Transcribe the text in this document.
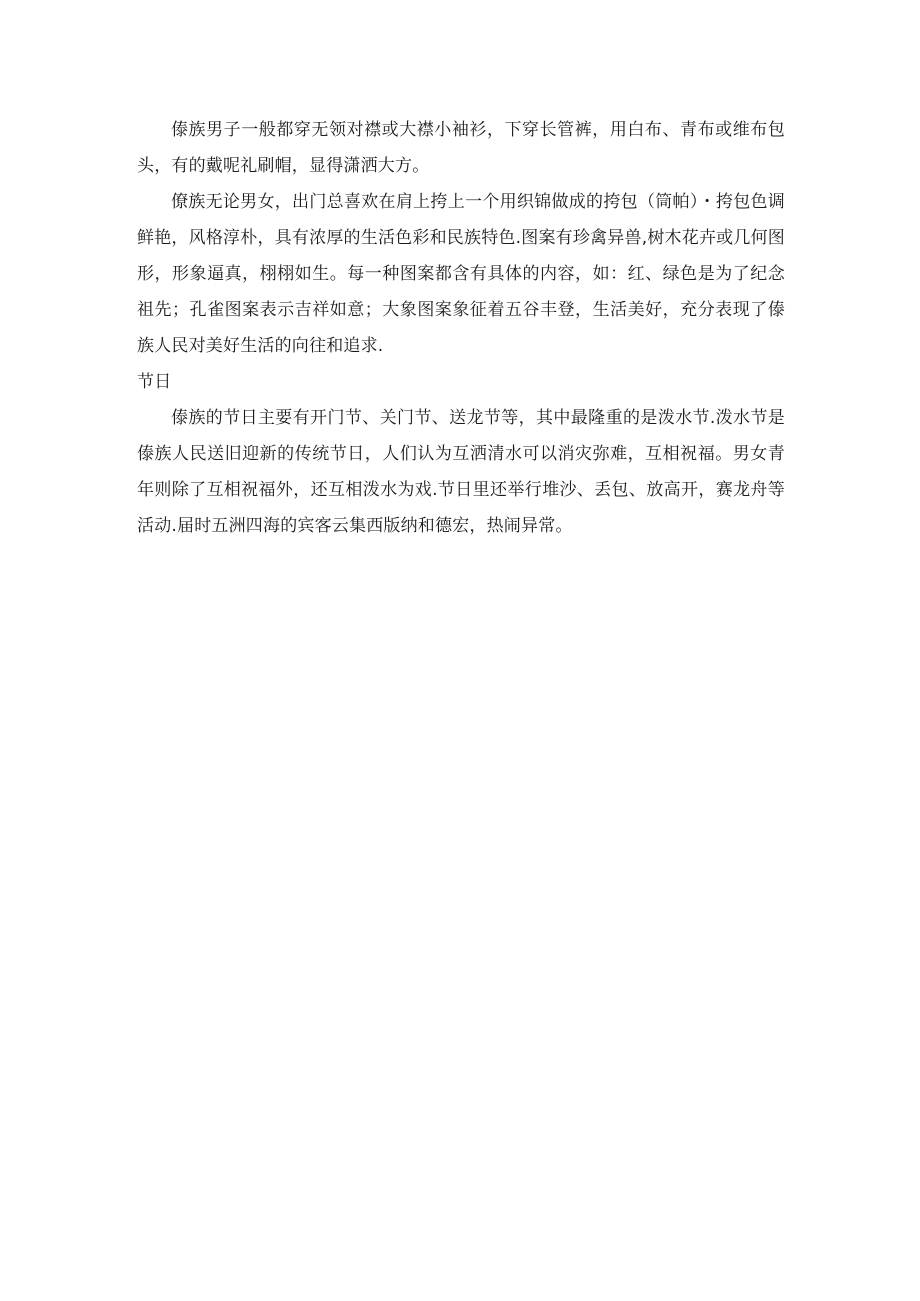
傣族男子一般都穿无领对襟或大襟小袖衫，下穿长管裤，用白布、青布或维布包头，有的戴呢礼刷帽，显得潇洒大方。

僚族无论男女，出门总喜欢在肩上挎上一个用织锦做成的挎包（筒帕）・挎包色调鲜艳，风格淳朴，具有浓厚的生活色彩和民族特色.图案有珍禽异兽,树木花卉或几何图形，形象逼真，栩栩如生。每一种图案都含有具体的内容，如：红、绿色是为了纪念祖先；孔雀图案表示吉祥如意；大象图案象征着五谷丰登，生活美好，充分表现了傣族人民对美好生活的向往和追求.

节日

傣族的节日主要有开门节、关门节、送龙节等，其中最隆重的是泼水节.泼水节是傣族人民送旧迎新的传统节日，人们认为互洒清水可以消灾弥难，互相祝福。男女青年则除了互相祝福外，还互相泼水为戏.节日里还举行堆沙、丢包、放高开，赛龙舟等活动.届时五洲四海的宾客云集西版纳和德宏，热闹异常。
